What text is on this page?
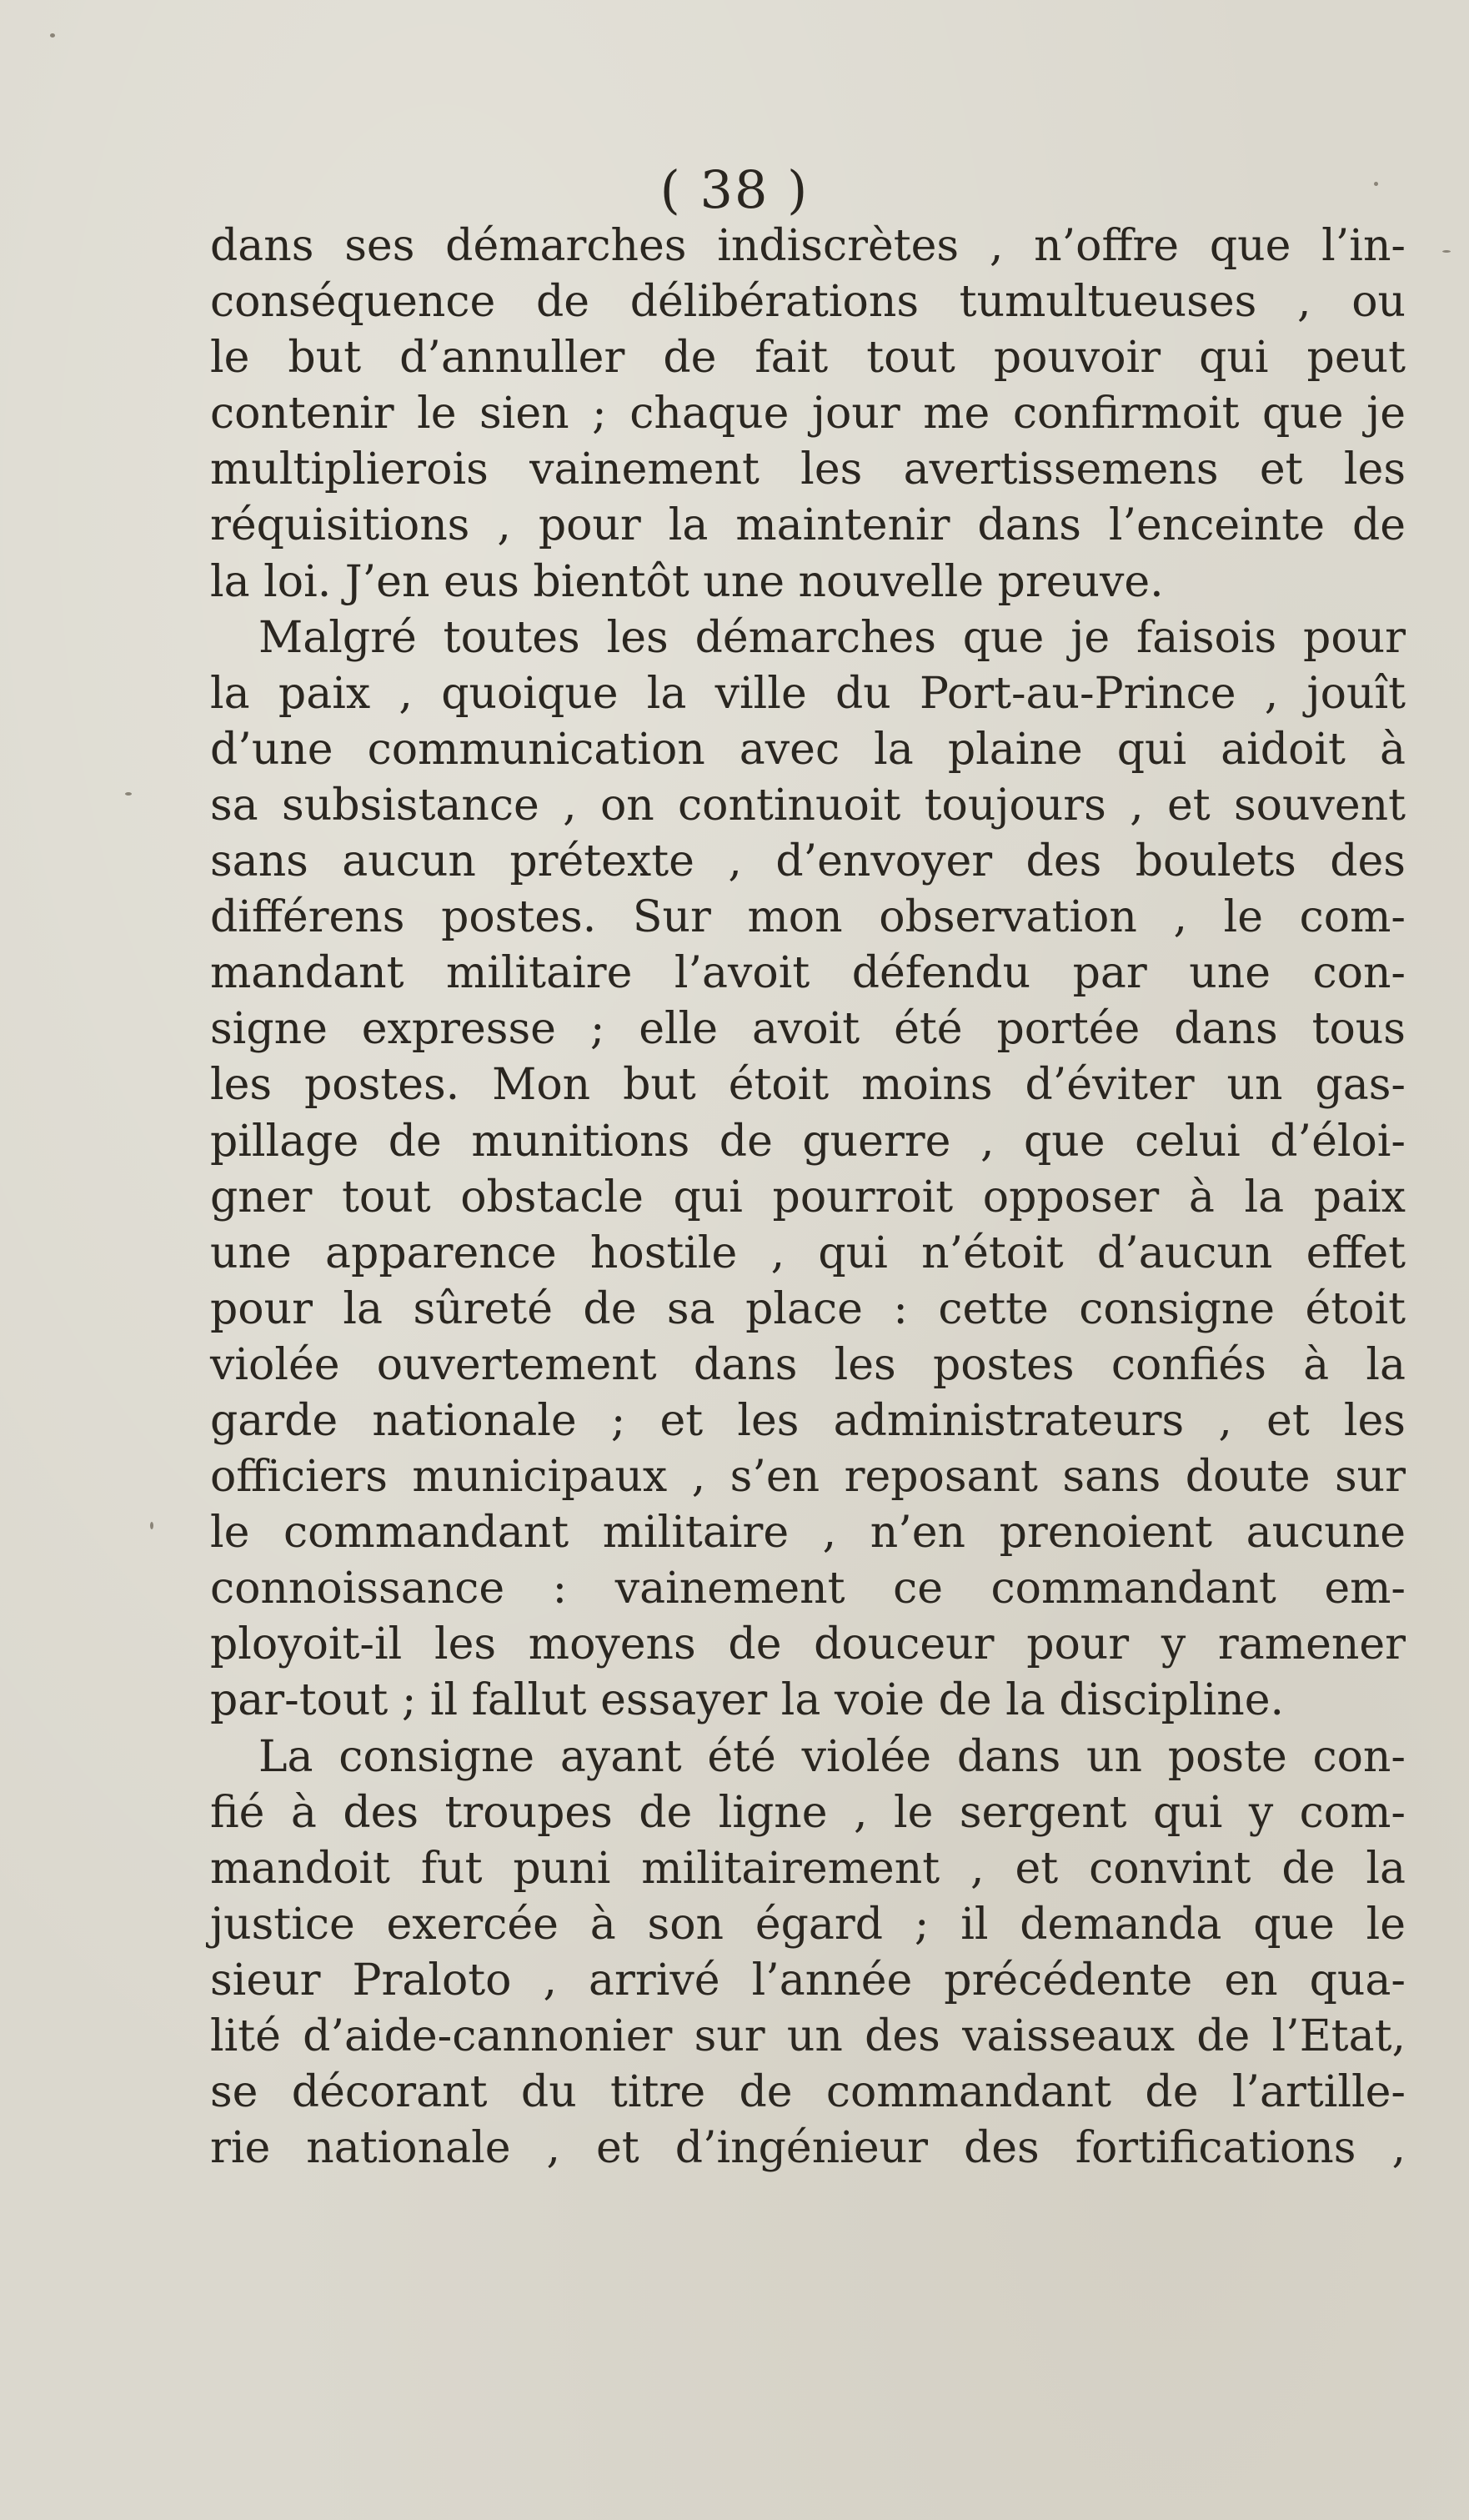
( 38 )
dans ses démarches indiscrètes , n’offre que l’in-
conséquence de délibérations tumultueuses , ou
le but d’annuller de fait tout pouvoir qui peut
contenir le sien ; chaque jour me confirmoit que je
multiplierois vainement les avertissemens et les
réquisitions , pour la maintenir dans l’enceinte de
la loi. J’en eus bientôt une nouvelle preuve.
Malgré toutes les démarches que je faisois pour
la paix , quoique la ville du Port-au-Prince , jouît
d’une communication avec la plaine qui aidoit à
sa subsistance , on continuoit toujours , et souvent
sans aucun prétexte , d’envoyer des boulets des
différens postes. Sur mon observation , le com-
mandant militaire l’avoit défendu par une con-
signe expresse ; elle avoit été portée dans tous
les postes. Mon but étoit moins d’éviter un gas-
pillage de munitions de guerre , que celui d’éloi-
gner tout obstacle qui pourroit opposer à la paix
une apparence hostile , qui n’étoit d’aucun effet
pour la sûreté de sa place : cette consigne étoit
violée ouvertement dans les postes confiés à la
garde nationale ; et les administrateurs , et les
officiers municipaux , s’en reposant sans doute sur
le commandant militaire , n’en prenoient aucune
connoissance : vainement ce commandant em-
ployoit-il les moyens de douceur pour y ramener
par-tout ; il fallut essayer la voie de la discipline.
La consigne ayant été violée dans un poste con-
fié à des troupes de ligne , le sergent qui y com-
mandoit fut puni militairement , et convint de la
justice exercée à son égard ; il demanda que le
sieur Praloto , arrivé l’année précédente en qua-
lité d’aide-cannonier sur un des vaisseaux de l’Etat,
se décorant du titre de commandant de l’artille-
rie nationale , et d’ingénieur des fortifications ,
